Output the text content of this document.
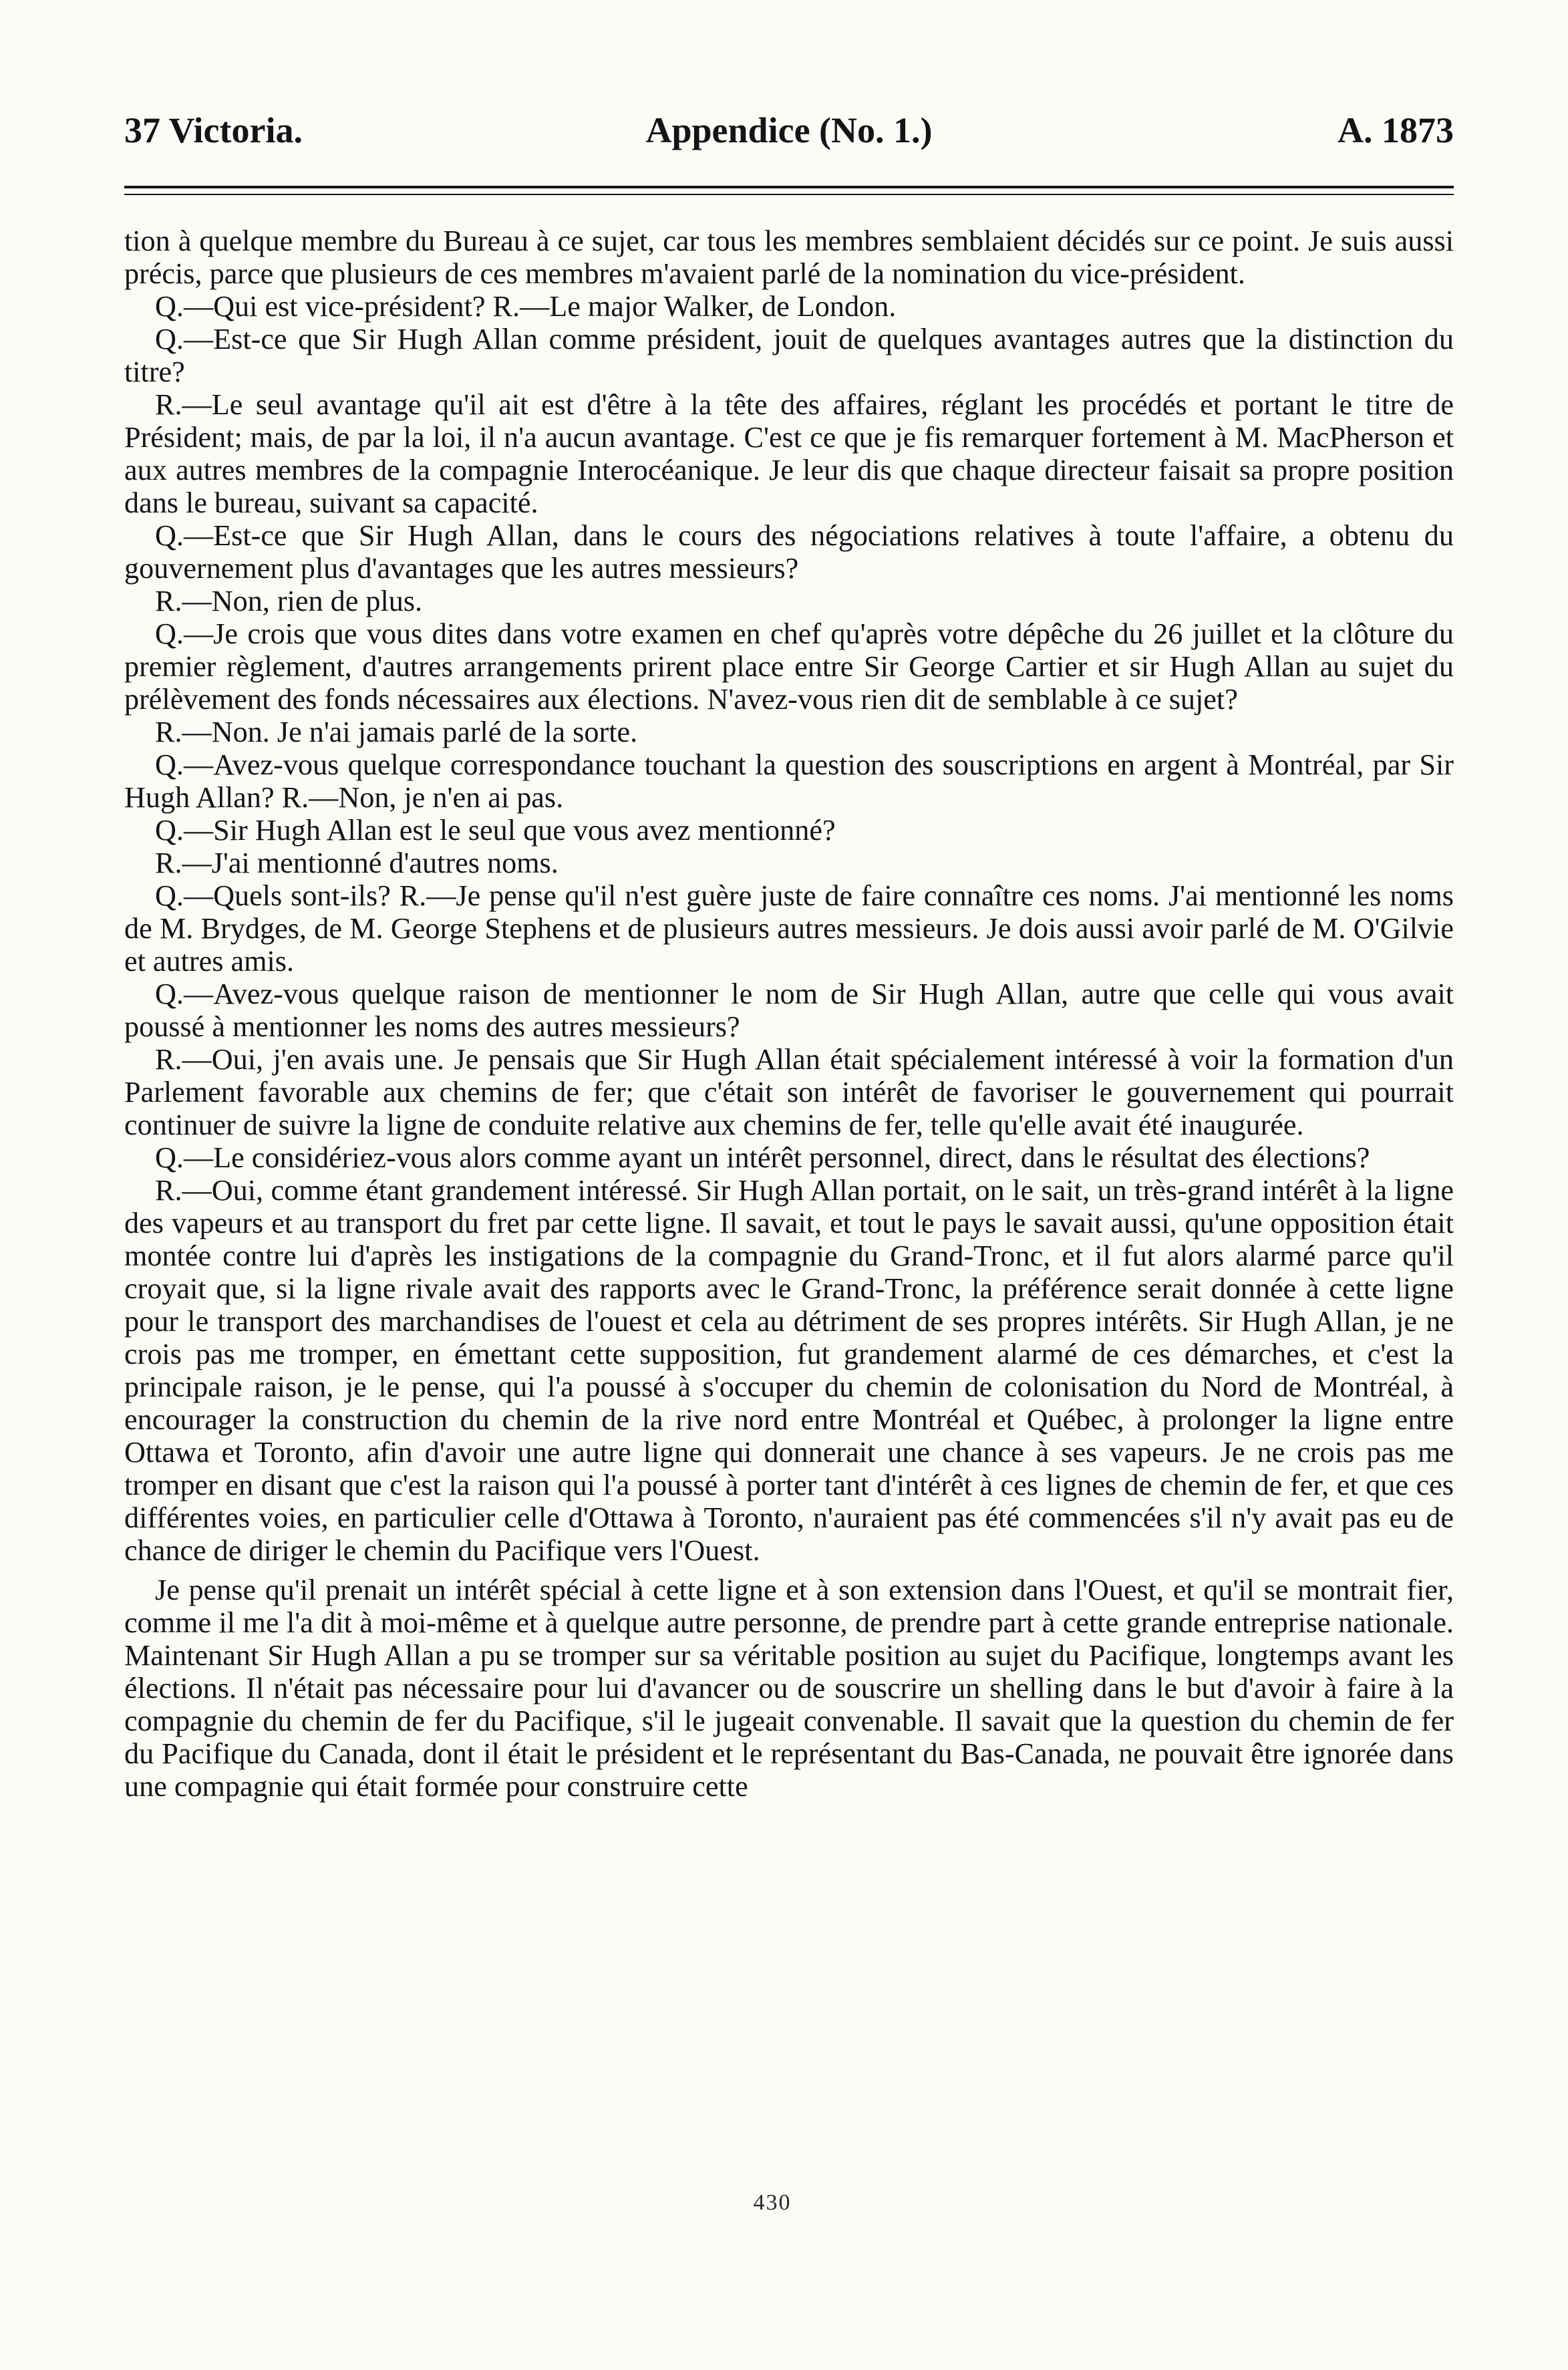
37 Victoria.	Appendice (No. 1.)	A. 1873

tion à quelque membre du Bureau à ce sujet, car tous les membres semblaient décidés sur ce point. Je suis aussi précis, parce que plusieurs de ces membres m'avaient parlé de la nomination du vice-président.

Q.—Qui est vice-président? R.—Le major Walker, de London.

Q.—Est-ce que Sir Hugh Allan comme président, jouit de quelques avantages autres que la distinction du titre?

R.—Le seul avantage qu'il ait est d'être à la tête des affaires, réglant les procédés et portant le titre de Président; mais, de par la loi, il n'a aucun avantage. C'est ce que je fis remarquer fortement à M. MacPherson et aux autres membres de la compagnie Interocéanique. Je leur dis que chaque directeur faisait sa propre position dans le bureau, suivant sa capacité.

Q.—Est-ce que Sir Hugh Allan, dans le cours des négociations relatives à toute l'affaire, a obtenu du gouvernement plus d'avantages que les autres messieurs?

R.—Non, rien de plus.

Q.—Je crois que vous dites dans votre examen en chef qu'après votre dépêche du 26 juillet et la clôture du premier règlement, d'autres arrangements prirent place entre Sir George Cartier et sir Hugh Allan au sujet du prélèvement des fonds nécessaires aux élections. N'avez-vous rien dit de semblable à ce sujet?

R.—Non. Je n'ai jamais parlé de la sorte.

Q.—Avez-vous quelque correspondance touchant la question des souscriptions en argent à Montréal, par Sir Hugh Allan? R.—Non, je n'en ai pas.

Q.—Sir Hugh Allan est le seul que vous avez mentionné?

R.—J'ai mentionné d'autres noms.

Q.—Quels sont-ils? R.—Je pense qu'il n'est guère juste de faire connaître ces noms. J'ai mentionné les noms de M. Brydges, de M. George Stephens et de plusieurs autres messieurs. Je dois aussi avoir parlé de M. O'Gilvie et autres amis.

Q.—Avez-vous quelque raison de mentionner le nom de Sir Hugh Allan, autre que celle qui vous avait poussé à mentionner les noms des autres messieurs?

R.—Oui, j'en avais une. Je pensais que Sir Hugh Allan était spécialement intéressé à voir la formation d'un Parlement favorable aux chemins de fer; que c'était son intérêt de favoriser le gouvernement qui pourrait continuer de suivre la ligne de conduite relative aux chemins de fer, telle qu'elle avait été inaugurée.

Q.—Le considériez-vous alors comme ayant un intérêt personnel, direct, dans le résultat des élections?

R.—Oui, comme étant grandement intéressé. Sir Hugh Allan portait, on le sait, un très-grand intérêt à la ligne des vapeurs et au transport du fret par cette ligne. Il savait, et tout le pays le savait aussi, qu'une opposition était montée contre lui d'après les instigations de la compagnie du Grand-Tronc, et il fut alors alarmé parce qu'il croyait que, si la ligne rivale avait des rapports avec le Grand-Tronc, la préférence serait donnée à cette ligne pour le transport des marchandises de l'ouest et cela au détriment de ses propres intérêts. Sir Hugh Allan, je ne crois pas me tromper, en émettant cette supposition, fut grandement alarmé de ces démarches, et c'est la principale raison, je le pense, qui l'a poussé à s'occuper du chemin de colonisation du Nord de Montréal, à encourager la construction du chemin de la rive nord entre Montréal et Québec, à prolonger la ligne entre Ottawa et Toronto, afin d'avoir une autre ligne qui donnerait une chance à ses vapeurs. Je ne crois pas me tromper en disant que c'est la raison qui l'a poussé à porter tant d'intérêt à ces lignes de chemin de fer, et que ces différentes voies, en particulier celle d'Ottawa à Toronto, n'auraient pas été commencées s'il n'y avait pas eu de chance de diriger le chemin du Pacifique vers l'Ouest.

Je pense qu'il prenait un intérêt spécial à cette ligne et à son extension dans l'Ouest, et qu'il se montrait fier, comme il me l'a dit à moi-même et à quelque autre personne, de prendre part à cette grande entreprise nationale. Maintenant Sir Hugh Allan a pu se tromper sur sa véritable position au sujet du Pacifique, longtemps avant les élections. Il n'était pas nécessaire pour lui d'avancer ou de souscrire un shelling dans le but d'avoir à faire à la compagnie du chemin de fer du Pacifique, s'il le jugeait convenable. Il savait que la question du chemin de fer du Pacifique du Canada, dont il était le président et le représentant du Bas-Canada, ne pouvait être ignorée dans une compagnie qui était formée pour construire cette

430
